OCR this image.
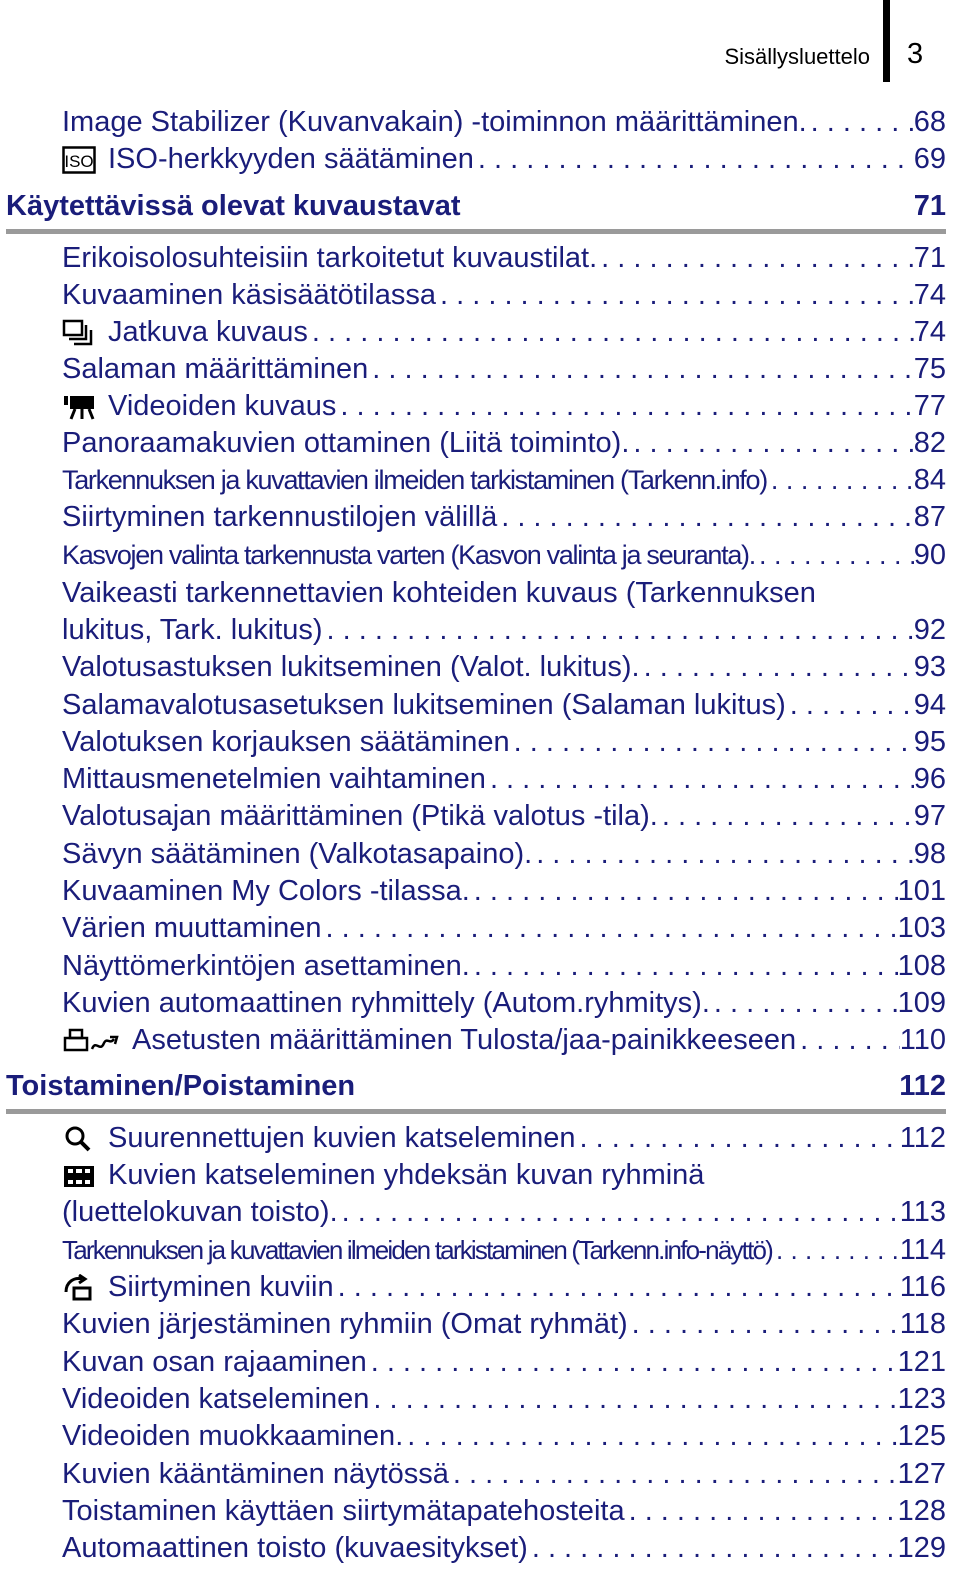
Sisällysluettelo 3
Image Stabilizer (Kuvanvakain) -toiminnon määrittäminen. . . .	68
ISO ISO-herkkyyden säätäminen . . .	69
Käytettävissä olevat kuvaustavat	71
Erikoisolosuhteisiin tarkoitetut kuvaustilat. . . .	71
Kuvaaminen käsisäätötilassa . . .	74
Jatkuva kuvaus . . .	74
Salaman määrittäminen . . .	75
Videoiden kuvaus . . .	77
Panoraamakuvien ottaminen (Liitä toiminto). . . .	82
Tarkennuksen ja kuvattavien ilmeiden tarkistaminen (Tarkenn.info) . . .	84
Siirtyminen tarkennustilojen välillä . . .	87
Kasvojen valinta tarkennusta varten (Kasvon valinta ja seuranta). . . .	90
Vaikeasti tarkennettavien kohteiden kuvaus (Tarkennuksen
lukitus, Tark. lukitus) . . .	92
Valotusastuksen lukitseminen (Valot. lukitus). . . .	93
Salamavalotusasetuksen lukitseminen (Salaman lukitus) . . .	94
Valotuksen korjauksen säätäminen . . .	95
Mittausmenetelmien vaihtaminen . . .	96
Valotusajan määrittäminen (Ptikä valotus -tila). . . .	97
Sävyn säätäminen (Valkotasapaino). . . .	98
Kuvaaminen My Colors -tilassa. . . .	101
Värien muuttaminen . . .	103
Näyttömerkintöjen asettaminen. . . .	108
Kuvien automaattinen ryhmittely (Autom.ryhmitys). . . .	109
Asetusten määrittäminen Tulosta/jaa-painikkeeseen . . .	110
Toistaminen/Poistaminen	112
Suurennettujen kuvien katseleminen . . .	112
Kuvien katseleminen yhdeksän kuvan ryhminä
(luettelokuvan toisto). . . .	113
Tarkennuksen ja kuvattavien ilmeiden tarkistaminen (Tarkenn.info-näyttö) . . .	114
Siirtyminen kuviin . . .	116
Kuvien järjestäminen ryhmiin (Omat ryhmät) . . .	118
Kuvan osan rajaaminen . . .	121
Videoiden katseleminen . . .	123
Videoiden muokkaaminen. . . .	125
Kuvien kääntäminen näytössä . . .	127
Toistaminen käyttäen siirtymätapatehosteita . . .	128
Automaattinen toisto (kuvaesitykset) . . .	129
